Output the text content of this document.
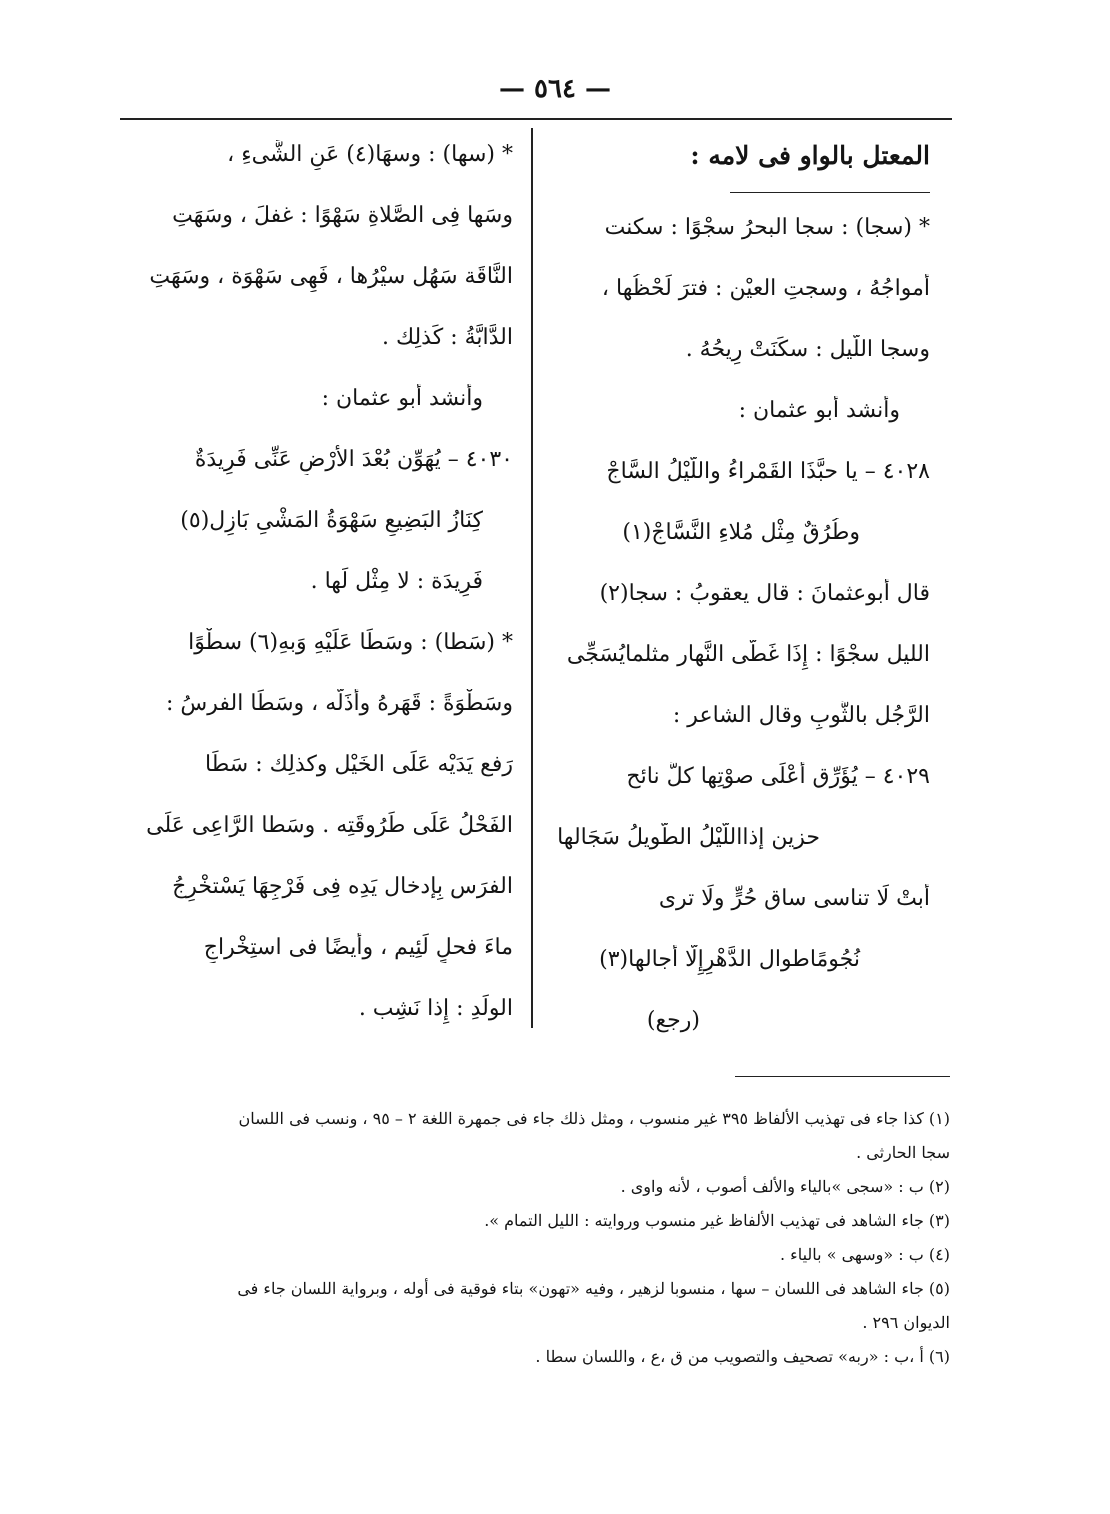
— ٥٦٤ —
المعتل بالواو فى لامه :
* (سجا) : سجا البحرُ سجْوًا : سكنت
أمواجُهُ ، وسجتِ العيْن : فترَ لَحْظُها ،
وسجا اللَّيل : سكَنَتْ رِيحُهُ .
وأنشد أبو عثمان :
٤٠٢٨ – يا حبَّذَا القَمْراءُ واللَّيْلُ السَّاجْ
وطُرُقٌ مِثْل مُلاءِ النَّسَّاجْ(١)
قال أبوعثمانَ : قال يعقوبُ : سجا(٢)
الليل سجْوًا : إِذَا غَطَّى النَّهار مثلمايُسَجِّى
الرَّجُل بالثَّوبِ وقال الشاعر :
٤٠٢٩ – يُؤَرِّق أَعْلَى صوْتِها كلَّ نائح
حزين إذااللَّيْلُ الطَّويلُ سَجَالها
أَبتْ لَا تناسى ساق حُرٍّ ولَا ترى
نُجُومًاطوال الدَّهْرِإِلَّا أَجالها(٣)
(رجع)
* (سها) : وسهَا(٤) عَنِ الشَّىءِ ،
وسَها فِى الصَّلاةِ سَهْوًا : غفلَ ، وسَهَتِ
النَّاقَة سَهُل سيْرُها ، فَهِى سَهْوَة ، وسَهَتِ
الدَّابَّةُ : كَذلِك .
وأنشد أبو عثمان :
٤٠٣٠ – يُهَوِّن بُعْدَ الأَرْضِ عَنِّى فَرِيدَةٌ
كِنَازُ البَضِيعِ سَهْوَةُ المَشْىِ بَازِل(٥)
فَرِيدَة : لا مِثْل لَها .
* (سَطا) : وسَطَا عَلَيْهِ وَبهِ(٦) سطْوًا
وسَطْوَةً : قَهَرهُ وأَذَلَّه ، وسَطَا الفرسُ :
رَفع يَدَيْه عَلَى الخَيْل وكذلِك : سَطَا
الفَحْلُ عَلَى طَرُوقَتِه . وسَطا الرَّاعِى عَلَى
الفرَس بِإدخال يَدِه فِى فَرْجِهَا يَسْتخْرِجُ
ماءَ فحلٍ لَئِيم ، وأَيضًا فى استِخْراجِ
الولَدِ : إِذا نَشِب .
(١) كذا جاء فى تهذيب الألفاظ ٣٩٥ غير منسوب ، ومثل ذلك جاء فى جمهرة اللغة ٢ – ٩٥ ، ونسب فى اللسان
سجا الحارثى .
(٢) ب : «سجى »بالياء والألف أصوب ، لأنه واوى .
(٣) جاء الشاهد فى تهذيب الألفاظ غير منسوب وروايته : الليل التمام ».
(٤) ب : «وسهى » بالياء .
(٥) جاء الشاهد فى اللسان – سها ، منسوبا لزهير ، وفيه «تهون» بتاء فوقية فى أوله ، وبرواية اللسان جاء فى
الديوان ٢٩٦ .
(٦) أ ،ب : «ربه» تصحيف والتصويب من ق ،ع ، واللسان سطا .
